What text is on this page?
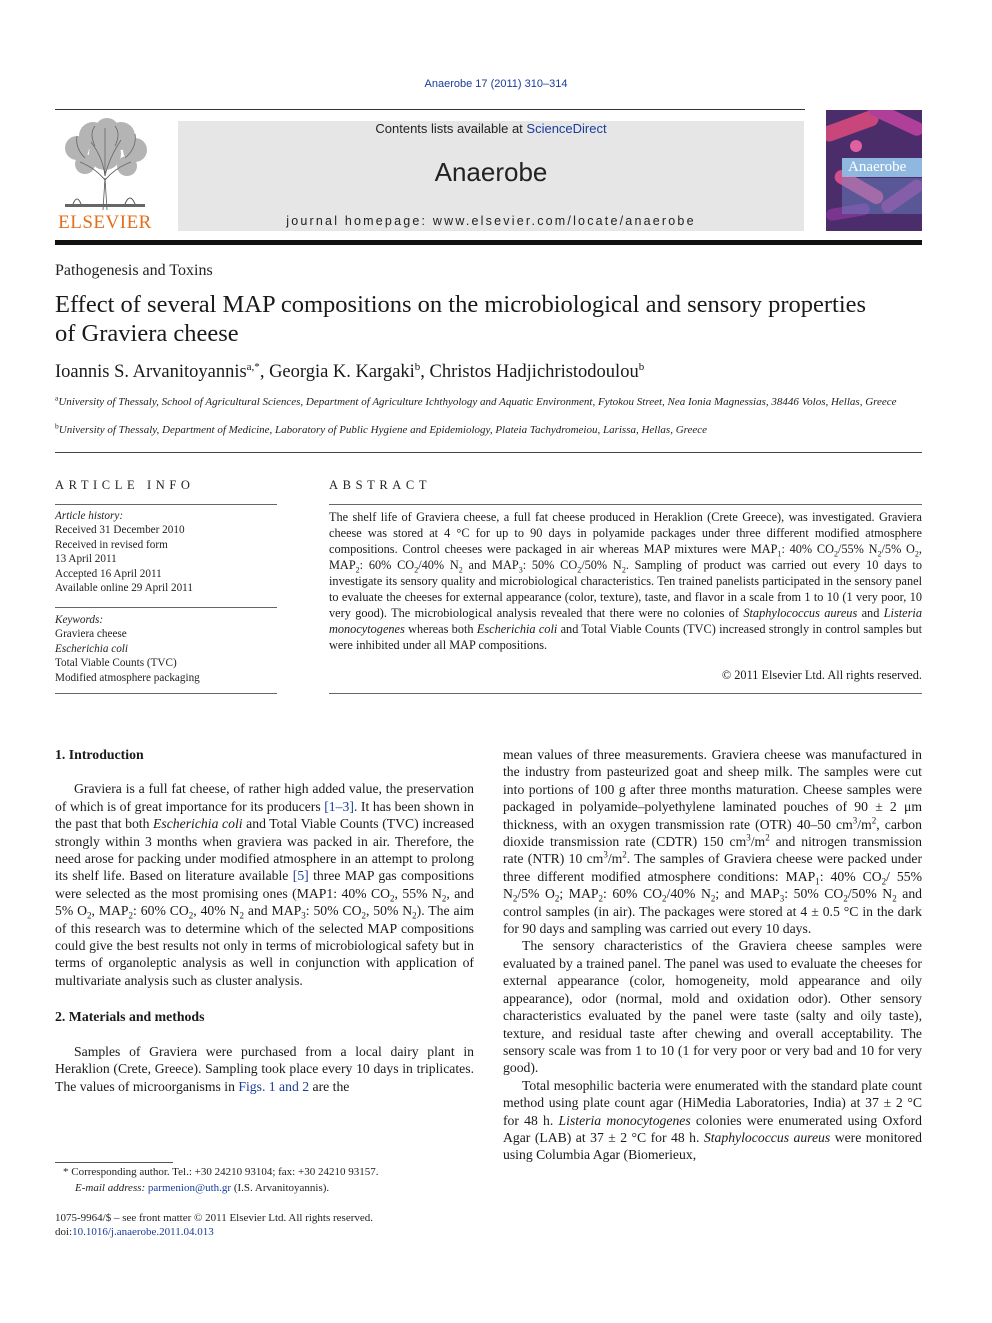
Anaerobe 17 (2011) 310–314
ELSEVIER
Contents lists available at ScienceDirect
Anaerobe
journal homepage: www.elsevier.com/locate/anaerobe
Anaerobe
Pathogenesis and Toxins
Effect of several MAP compositions on the microbiological and sensory properties of Graviera cheese
Ioannis S. Arvanitoyannis$^{a,*}$, Georgia K. Kargaki$^b$, Christos Hadjichristodoulou$^b$
$^a$University of Thessaly, School of Agricultural Sciences, Department of Agriculture Ichthyology and Aquatic Environment, Fytokou Street, Nea Ionia Magnessias, 38446 Volos, Hellas, Greece
$^b$University of Thessaly, Department of Medicine, Laboratory of Public Hygiene and Epidemiology, Plateia Tachydromeiou, Larissa, Hellas, Greece
ARTICLE INFO
Article history:
Received 31 December 2010
Received in revised form
13 April 2011
Accepted 16 April 2011
Available online 29 April 2011
Keywords:
Graviera cheese
Escherichia coli
Total Viable Counts (TVC)
Modified atmosphere packaging
ABSTRACT
The shelf life of Graviera cheese, a full fat cheese produced in Heraklion (Crete Greece), was investigated. Graviera cheese was stored at 4 °C for up to 90 days in polyamide packages under three different modified atmosphere compositions. Control cheeses were packaged in air whereas MAP mixtures were $MAP_1$: 40% $CO_2/55\%$ $N_2/5\%$ $O_2$, $MAP_2$: 60% $CO_2/40\%$ $N_2$ and $MAP_3$: 50% $CO_2/50\%$ $N_2$. Sampling of product was carried out every 10 days to investigate its sensory quality and microbiological characteristics. Ten trained panelists participated in the sensory panel to evaluate the cheeses for external appearance (color, texture), taste, and flavor in a scale from 1 to 10 (1 very poor, 10 very good). The microbiological analysis revealed that there were no colonies of Staphylococcus aureus and Listeria monocytogenes whereas both Escherichia coli and Total Viable Counts (TVC) increased strongly in control samples but were inhibited under all MAP compositions.
© 2011 Elsevier Ltd. All rights reserved.
1. Introduction

Graviera is a full fat cheese, of rather high added value, the preservation of which is of great importance for its producers [1–3]. It has been shown in the past that both Escherichia coli and Total Viable Counts (TVC) increased strongly within 3 months when graviera was packed in air. Therefore, the need arose for packing under modified atmosphere in an attempt to prolong its shelf life. Based on literature available [5] three MAP gas compositions were selected as the most promising ones (MAP1: 40% $CO_2$, 55% $N_2$, and 5% $O_2$, $MAP_2$: 60% $CO_2$, 40% $N_2$ and $MAP_3$: 50% $CO_2$, 50% $N_2$). The aim of this research was to determine which of the selected MAP compositions could give the best results not only in terms of microbiological safety but in terms of organoleptic analysis as well in conjunction with application of multivariate analysis such as cluster analysis.

2. Materials and methods

Samples of Graviera were purchased from a local dairy plant in Heraklion (Crete, Greece). Sampling took place every 10 days in triplicates. The values of microorganisms in Figs. 1 and 2 are the

mean values of three measurements. Graviera cheese was manufactured in the industry from pasteurized goat and sheep milk. The samples were cut into portions of 100 g after three months maturation. Cheese samples were packaged in polyamide–polyethylene laminated pouches of 90 ± 2 μm thickness, with an oxygen transmission rate (OTR) 40–50 $cm^3/m^2$, carbon dioxide transmission rate (CDTR) 150 $cm^3/m^2$ and nitrogen transmission rate (NTR) 10 $cm^3/m^2$. The samples of Graviera cheese were packed under three different modified atmosphere conditions: $MAP_1$: 40% $CO_2/$ 55% $N_2/5\%$ $O_2$; $MAP_2$: 60% $CO_2/40\%$ $N_2$; and $MAP_3$: 50% $CO_2/50\%$ $N_2$ and control samples (in air). The packages were stored at 4 ± 0.5 °C in the dark for 90 days and sampling was carried out every 10 days.

The sensory characteristics of the Graviera cheese samples were evaluated by a trained panel. The panel was used to evaluate the cheeses for external appearance (color, homogeneity, mold appearance and oily appearance), odor (normal, mold and oxidation odor). Other sensory characteristics evaluated by the panel were taste (salty and oily taste), texture, and residual taste after chewing and overall acceptability. The sensory scale was from 1 to 10 (1 for very poor or very bad and 10 for very good).

Total mesophilic bacteria were enumerated with the standard plate count method using plate count agar (HiMedia Laboratories, India) at 37 ± 2 °C for 48 h. Listeria monocytogenes colonies were enumerated using Oxford Agar (LAB) at 37 ± 2 °C for 48 h. Staphylococcus aureus were monitored using Columbia Agar (Biomerieux,

* Corresponding author. Tel.: +30 24210 93104; fax: +30 24210 93157.
E-mail address: parmenion@uth.gr (I.S. Arvanitoyannis).
1075-9964/$ – see front matter © 2011 Elsevier Ltd. All rights reserved.
doi:10.1016/j.anaerobe.2011.04.013
